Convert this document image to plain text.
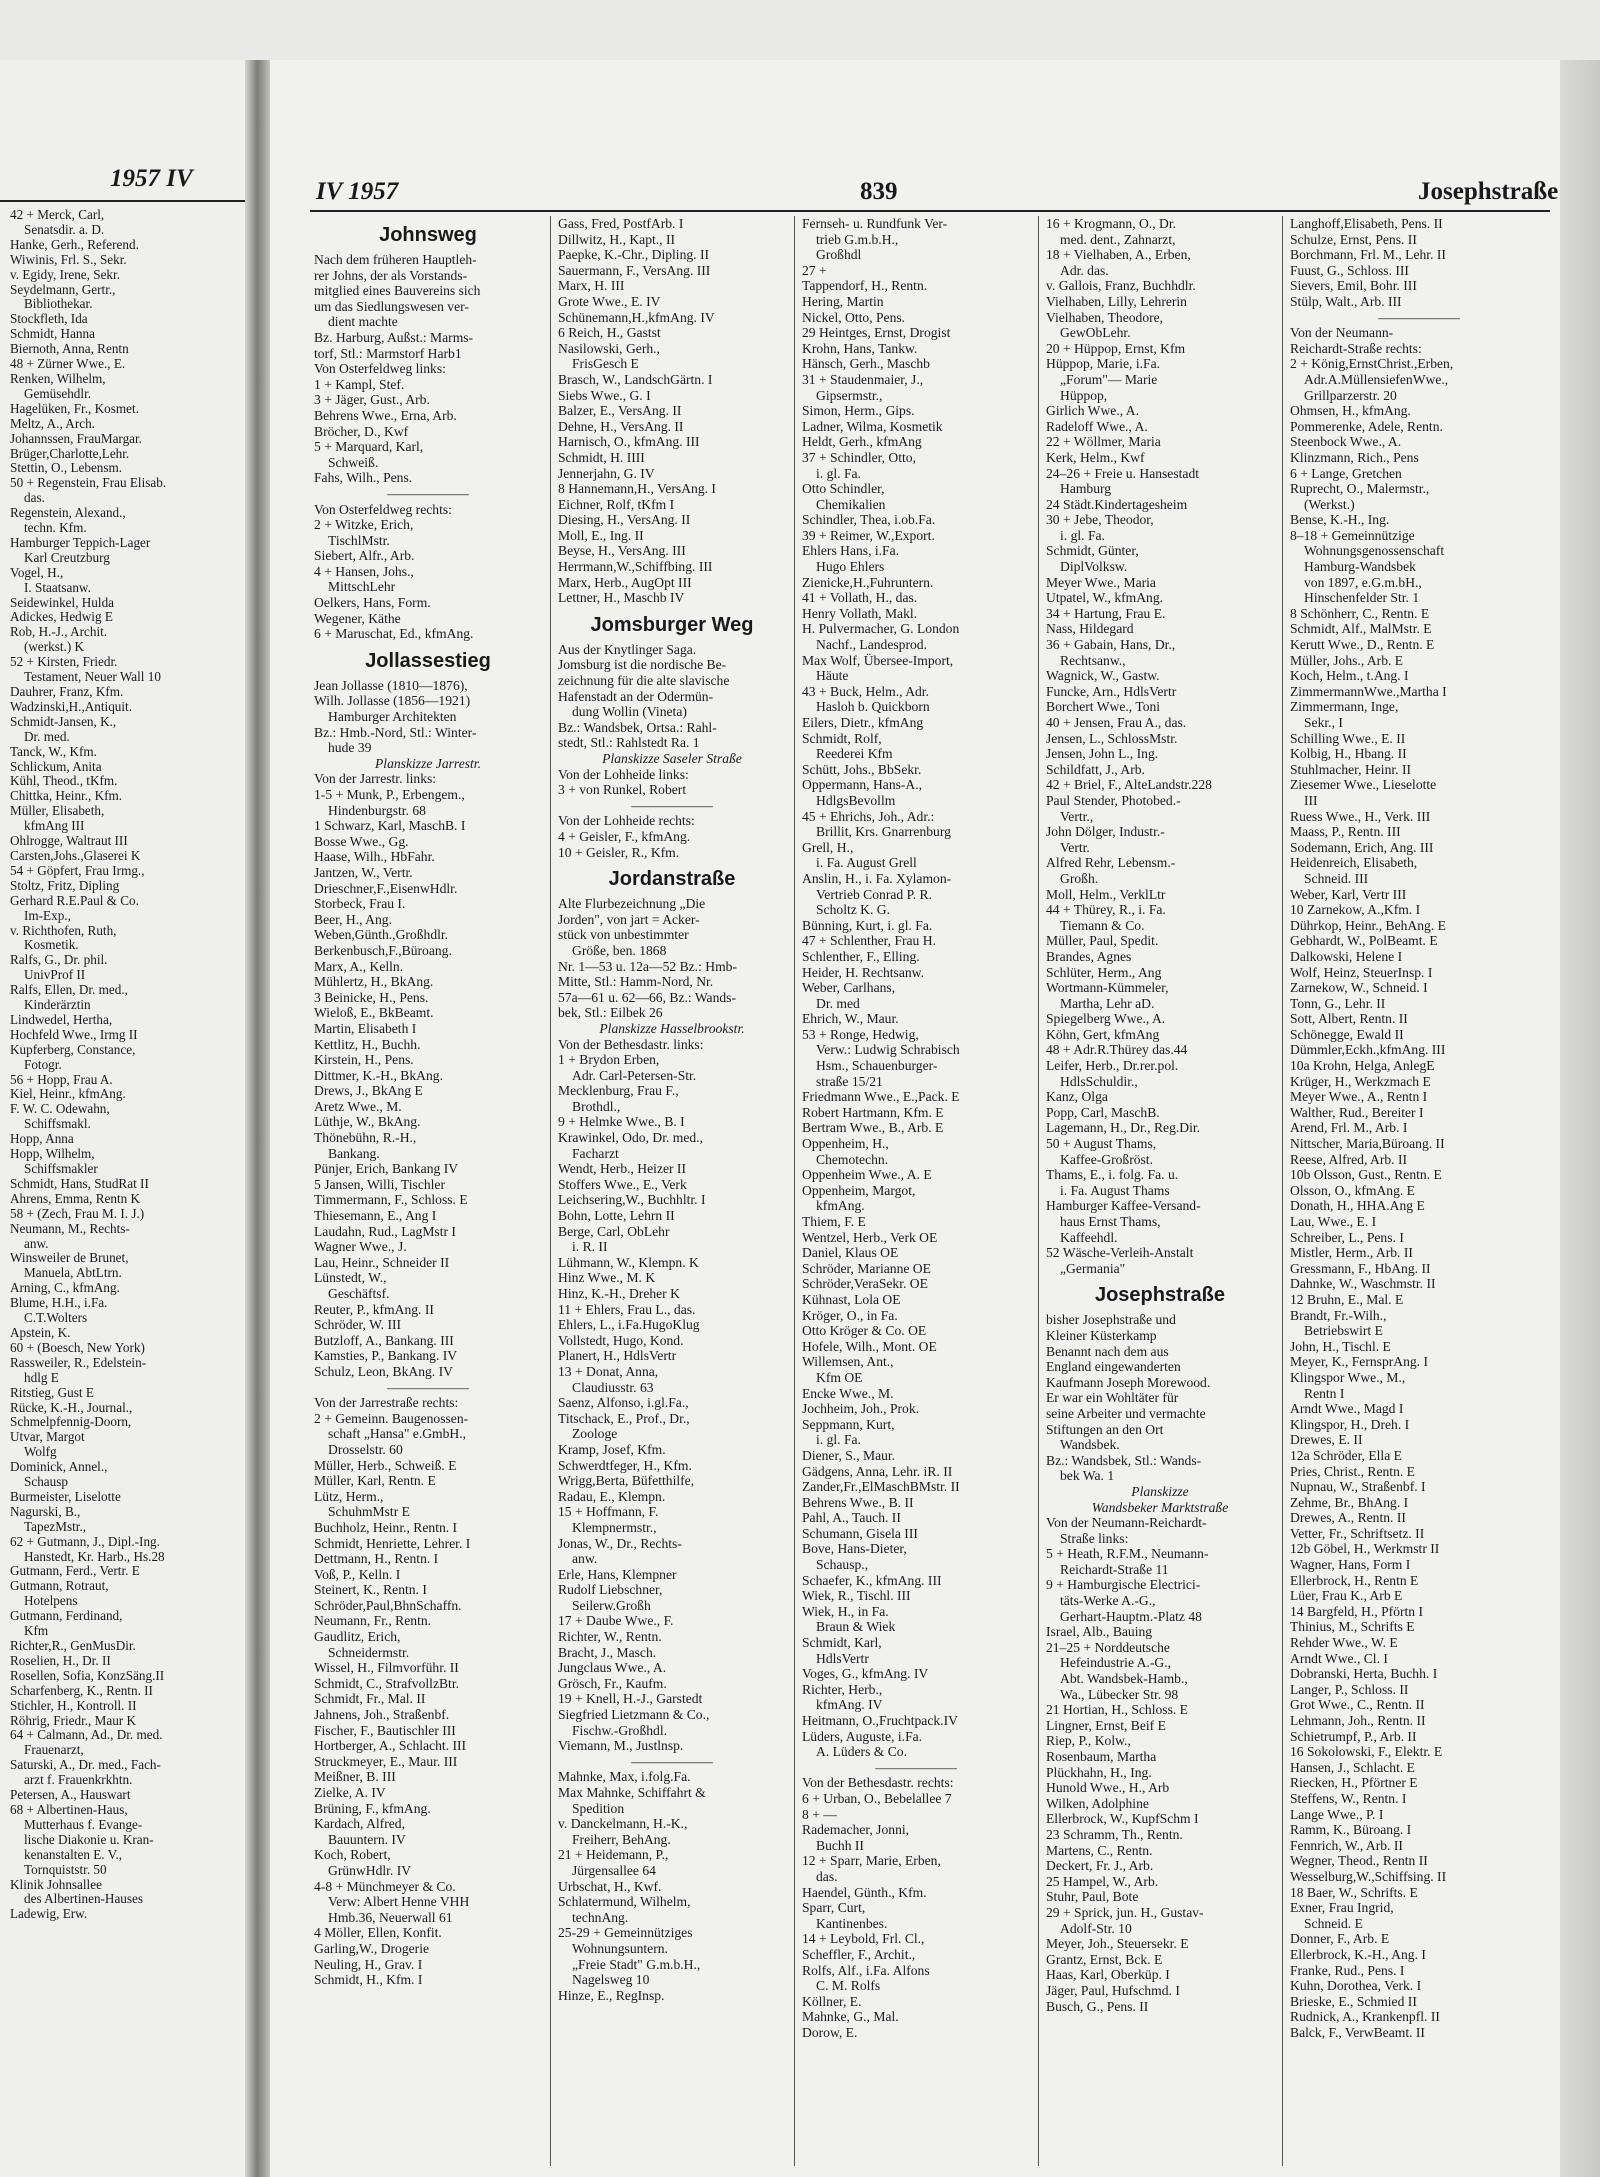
1957 IV
42 + Merck, Carl,
Senatsdir. a. D.
Hanke, Gerh., Referend.
Wiwinis, Frl. S., Sekr.
v. Egidy, Irene, Sekr.
Seydelmann, Gertr.,
Bibliothekar.
Stockfleth, Ida
Schmidt, Hanna
Biernoth, Anna, Rentn
48 + Zürner Wwe., E.
Renken, Wilhelm,
Gemüsehdlr.
Hagelüken, Fr., Kosmet.
Meltz, A., Arch.
Johannssen, FrauMargar.
Brüger,Charlotte,Lehr.
Stettin, O., Lebensm.
50 + Regenstein, Frau Elisab.
das.
Regenstein, Alexand.,
techn. Kfm.
Hamburger Teppich-Lager
Karl Creutzburg
Vogel, H.,
I. Staatsanw.
Seidewinkel, Hulda
Adickes, Hedwig E
Rob, H.-J., Archit.
(werkst.) K
52 + Kirsten, Friedr.
Testament, Neuer Wall 10
Dauhrer, Franz, Kfm.
Wadzinski,H.,Antiquit.
Schmidt-Jansen, K.,
Dr. med.
Tanck, W., Kfm.
Schlickum, Anita
Kühl, Theod., tKfm.
Chittka, Heinr., Kfm.
Müller, Elisabeth,
kfmAng III
Ohlrogge, Waltraut III
Carsten,Johs.,Glaserei K
54 + Göpfert, Frau Irmg.,
Stoltz, Fritz, Dipling
Gerhard R.E.Paul & Co.
Im-Exp.,
v. Richthofen, Ruth,
Kosmetik.
Ralfs, G., Dr. phil.
UnivProf II
Ralfs, Ellen, Dr. med.,
Kinderärztin
Lindwedel, Hertha,
Hochfeld Wwe., Irmg II
Kupferberg, Constance,
Fotogr.
56 + Hopp, Frau A.
Kiel, Heinr., kfmAng.
F. W. C. Odewahn,
Schiffsmakl.
Hopp, Anna
Hopp, Wilhelm,
Schiffsmakler
Schmidt, Hans, StudRat II
Ahrens, Emma, Rentn K
58 + (Zech, Frau M. I. J.)
Neumann, M., Rechts-
anw.
Winsweiler de Brunet,
Manuela, AbtLtrn.
Arning, C., kfmAng.
Blume, H.H., i.Fa.
C.T.Wolters
Apstein, K.
60 + (Boesch, New York)
Rassweiler, R., Edelstein-
hdlg E
Ritstieg, Gust E
Rücke, K.-H., Journal.,
Schmelpfennig-Doorn,
Utvar, Margot
Wolfg
Dominick, Annel.,
Schausp
Burmeister, Liselotte
Nagurski, B.,
TapezMstr.,
62 + Gutmann, J., Dipl.-Ing.
Hanstedt, Kr. Harb., Hs.28
Gutmann, Ferd., Vertr. E
Gutmann, Rotraut,
Hotelpens
Gutmann, Ferdinand,
Kfm
Richter,R., GenMusDir.
Roselien, H., Dr. II
Rosellen, Sofia, KonzSäng.II
Scharfenberg, K., Rentn. II
Stichler, H., Kontroll. II
Röhrig, Friedr., Maur K
64 + Calmann, Ad., Dr. med.
Frauenarzt,
Saturski, A., Dr. med., Fach-
arzt f. Frauenkrkhtn.
Petersen, A., Hauswart
68 + Albertinen-Haus,
Mutterhaus f. Evange-
lische Diakonie u. Kran-
kenanstalten E. V.,
Tornquiststr. 50
Klinik Johnsallee
des Albertinen-Hauses
Ladewig, Erw.
IV 1957	839	Josephstraße
Johnsweg
Nach dem früheren Hauptleh-
rer Johns, der als Vorstands-
mitglied eines Bauvereins sich
um das Siedlungswesen ver-
dient machte
Bz. Harburg, Außst.: Marms-
torf, Stl.: Marmstorf Harb1
Von Osterfeldweg links:
1 + Kampl, Stef.
3 + Jäger, Gust., Arb.
Behrens Wwe., Erna, Arb.
Bröcher, D., Kwf
5 + Marquard, Karl,
Schweiß.
Fahs, Wilh., Pens.
——————
Von Osterfeldweg rechts:
2 + Witzke, Erich,
TischlMstr.
Siebert, Alfr., Arb.
4 + Hansen, Johs.,
MittschLehr
Oelkers, Hans, Form.
Wegener, Käthe
6 + Maruschat, Ed., kfmAng.
Jollassestieg
Jean Jollasse (1810—1876),
Wilh. Jollasse (1856—1921)
Hamburger Architekten
Bz.: Hmb.-Nord, Stl.: Winter-
hude 39
Planskizze Jarrestr.
Von der Jarrestr. links:
1-5 + Munk, P., Erbengem.,
Hindenburgstr. 68
1 Schwarz, Karl, MaschB. I
Bosse Wwe., Gg.
Haase, Wilh., HbFahr.
Jantzen, W., Vertr.
Drieschner,F.,EisenwHdlr.
Storbeck, Frau I.
Beer, H., Ang.
Weben,Günth.,Großhdlr.
Berkenbusch,F.,Büroang.
Marx, A., Kelln.
Mühlertz, H., BkAng.
3 Beinicke, H., Pens.
Wieloß, E., BkBeamt.
Martin, Elisabeth I
Kettlitz, H., Buchh.
Kirstein, H., Pens.
Dittmer, K.-H., BkAng.
Drews, J., BkAng E
Aretz Wwe., M.
Lüthje, W., BkAng.
Thönebühn, R.-H.,
Bankang.
Pünjer, Erich, Bankang IV
5 Jansen, Willi, Tischler
Timmermann, F., Schloss. E
Thiesemann, E., Ang I
Laudahn, Rud., LagMstr I
Wagner Wwe., J.
Lau, Heinr., Schneider II
Lünstedt, W.,
Geschäftsf.
Reuter, P., kfmAng. II
Schröder, W. III
Butzloff, A., Bankang. III
Kamsties, P., Bankang. IV
Schulz, Leon, BkAng. IV
——————
Von der Jarrestraße rechts:
2 + Gemeinn. Baugenossen-
schaft „Hansa" e.GmbH.,
Drosselstr. 60
Müller, Herb., Schweiß. E
Müller, Karl, Rentn. E
Lütz, Herm.,
SchuhmMstr E
Buchholz, Heinr., Rentn. I
Schmidt, Henriette, Lehrer. I
Dettmann, H., Rentn. I
Voß, P., Kelln. I
Steinert, K., Rentn. I
Schröder,Paul,BhnSchaffn.
Neumann, Fr., Rentn.
Gaudlitz, Erich,
Schneidermstr.
Wissel, H., Filmvorführ. II
Schmidt, C., StrafvollzBtr.
Schmidt, Fr., Mal. II
Jahnens, Joh., Straßenbf.
Fischer, F., Bautischler III
Hortberger, A., Schlacht. III
Struckmeyer, E., Maur. III
Meißner, B. III
Zielke, A. IV
Brüning, F., kfmAng.
Kardach, Alfred,
Bauuntern. IV
Koch, Robert,
GrünwHdlr. IV
4-8 + Münchmeyer & Co.
Verw: Albert Henne VHH
Hmb.36, Neuerwall 61
4 Möller, Ellen, Konfit.
Garling,W., Drogerie
Neuling, H., Grav. I
Schmidt, H., Kfm. I
Gass, Fred, PostfArb. I
Dillwitz, H., Kapt., II
Paepke, K.-Chr., Dipling. II
Sauermann, F., VersAng. III
Marx, H. III
Grote Wwe., E. IV
Schünemann,H.,kfmAng. IV
6 Reich, H., Gastst
Nasilowski, Gerh.,
FrisGesch E
Brasch, W., LandschGärtn. I
Siebs Wwe., G. I
Balzer, E., VersAng. II
Dehne, H., VersAng. II
Harnisch, O., kfmAng. III
Schmidt, H. IIII
Jennerjahn, G. IV
8 Hannemann,H., VersAng. I
Eichner, Rolf, tKfm I
Diesing, H., VersAng. II
Moll, E., Ing. II
Beyse, H., VersAng. III
Herrmann,W.,Schiffbing. III
Marx, Herb., AugOpt III
Lettner, H., Maschb IV
Jomsburger Weg
Aus der Knytlinger Saga.
Jomsburg ist die nordische Be-
zeichnung für die alte slavische
Hafenstadt an der Odermün-
dung Wollin (Vineta)
Bz.: Wandsbek, Ortsa.: Rahl-
stedt, Stl.: Rahlstedt Ra. 1
Planskizze Saseler Straße
Von der Lohheide links:
3 + von Runkel, Robert
——————
Von der Lohheide rechts:
4 + Geisler, F., kfmAng.
10 + Geisler, R., Kfm.
Jordanstraße
Alte Flurbezeichnung „Die
Jorden", von jart = Acker-
stück von unbestimmter
Größe, ben. 1868
Nr. 1—53 u. 12a—52 Bz.: Hmb-
Mitte, Stl.: Hamm-Nord, Nr.
57a—61 u. 62—66, Bz.: Wands-
bek, Stl.: Eilbek 26
Planskizze Hasselbrookstr.
Von der Bethesdastr. links:
1 + Brydon Erben,
Adr. Carl-Petersen-Str.
Mecklenburg, Frau F.,
Brothdl.,
9 + Helmke Wwe., B. I
Krawinkel, Odo, Dr. med.,
Facharzt
Wendt, Herb., Heizer II
Stoffers Wwe., E., Verk
Leichsering,W., Buchhltr. I
Bohn, Lotte, Lehrn II
Berge, Carl, ObLehr
i. R. II
Lühmann, W., Klempn. K
Hinz Wwe., M. K
Hinz, K.-H., Dreher K
11 + Ehlers, Frau L., das.
Ehlers, L., i.Fa.HugoKlug
Vollstedt, Hugo, Kond.
Planert, H., HdlsVertr
13 + Donat, Anna,
Claudiusstr. 63
Saenz, Alfonso, i.gl.Fa.,
Titschack, E., Prof., Dr.,
Zoologe
Kramp, Josef, Kfm.
Schwerdtfeger, H., Kfm.
Wrigg,Berta, Büfetthilfe,
Radau, E., Klempn.
15 + Hoffmann, F.
Klempnermstr.,
Jonas, W., Dr., Rechts-
anw.
Erle, Hans, Klempner
Rudolf Liebschner,
Seilerw.Großh
17 + Daube Wwe., F.
Richter, W., Rentn.
Bracht, J., Masch.
Jungclaus Wwe., A.
Grösch, Fr., Kaufm.
19 + Knell, H.-J., Garstedt
Siegfried Lietzmann & Co.,
Fischw.-Großhdl.
Viemann, M., Justlnsp.
——————
Mahnke, Max, i.folg.Fa.
Max Mahnke, Schiffahrt &
Spedition
v. Danckelmann, H.-K.,
Freiherr, BehAng.
21 + Heidemann, P.,
Jürgensallee 64
Urbschat, H., Kwf.
Schlatermund, Wilhelm,
technAng.
25-29 + Gemeinnütziges
Wohnungsuntern.
„Freie Stadt" G.m.b.H.,
Nagelsweg 10
Hinze, E., RegInsp.
Fernseh- u. Rundfunk Ver-
trieb G.m.b.H.,
Großhdl
27 +
Tappendorf, H., Rentn.
Hering, Martin
Nickel, Otto, Pens.
29 Heintges, Ernst, Drogist
Krohn, Hans, Tankw.
Hänsch, Gerh., Maschb
31 + Staudenmaier, J.,
Gipsermstr.,
Simon, Herm., Gips.
Ladner, Wilma, Kosmetik
Heldt, Gerh., kfmAng
37 + Schindler, Otto,
i. gl. Fa.
Otto Schindler,
Chemikalien
Schindler, Thea, i.ob.Fa.
39 + Reimer, W.,Export.
Ehlers Hans, i.Fa.
Hugo Ehlers
Zienicke,H.,Fuhruntern.
41 + Vollath, H., das.
Henry Vollath, Makl.
H. Pulvermacher, G. London
Nachf., Landesprod.
Max Wolf, Übersee-Import,
Häute
43 + Buck, Helm., Adr.
Hasloh b. Quickborn
Eilers, Dietr., kfmAng
Schmidt, Rolf,
Reederei Kfm
Schütt, Johs., BbSekr.
Oppermann, Hans-A.,
HdlgsBevollm
45 + Ehrichs, Joh., Adr.:
Brillit, Krs. Gnarrenburg
Grell, H.,
i. Fa. August Grell
Anslin, H., i. Fa. Xylamon-
Vertrieb Conrad P. R.
Scholtz K. G.
Bünning, Kurt, i. gl. Fa.
47 + Schlenther, Frau H.
Schlenther, F., Elling.
Heider, H. Rechtsanw.
Weber, Carlhans,
Dr. med
Ehrich, W., Maur.
53 + Ronge, Hedwig,
Verw.: Ludwig Schrabisch
Hsm., Schauenburger-
straße 15/21
Friedmann Wwe., E.,Pack. E
Robert Hartmann, Kfm. E
Bertram Wwe., B., Arb. E
Oppenheim, H.,
Chemotechn.
Oppenheim Wwe., A. E
Oppenheim, Margot,
kfmAng.
Thiem, F. E
Wentzel, Herb., Verk OE
Daniel, Klaus OE
Schröder, Marianne OE
Schröder,VeraSekr. OE
Kühnast, Lola OE
Kröger, O., in Fa.
Otto Kröger & Co. OE
Hofele, Wilh., Mont. OE
Willemsen, Ant.,
Kfm OE
Encke Wwe., M.
Jochheim, Joh., Prok.
Seppmann, Kurt,
i. gl. Fa.
Diener, S., Maur.
Gädgens, Anna, Lehr. iR. II
Zander,Fr.,ElMaschBMstr. II
Behrens Wwe., B. II
Pahl, A., Tauch. II
Schumann, Gisela III
Bove, Hans-Dieter,
Schausp.,
Schaefer, K., kfmAng. III
Wiek, R., Tischl. III
Wiek, H., in Fa.
Braun & Wiek
Schmidt, Karl,
HdlsVertr
Voges, G., kfmAng. IV
Richter, Herb.,
kfmAng. IV
Heitmann, O.,Fruchtpack.IV
Lüders, Auguste, i.Fa.
A. Lüders & Co.
——————
Von der Bethesdastr. rechts:
6 + Urban, O., Bebelallee 7
8 + —
Rademacher, Jonni,
Buchh II
12 + Sparr, Marie, Erben,
das.
Haendel, Günth., Kfm.
Sparr, Curt,
Kantinenbes.
14 + Leybold, Frl. Cl.,
Scheffler, F., Archit.,
Rolfs, Alf., i.Fa. Alfons
C. M. Rolfs
Köllner, E.
Mahnke, G., Mal.
Dorow, E.
16 + Krogmann, O., Dr.
med. dent., Zahnarzt,
18 + Vielhaben, A., Erben,
Adr. das.
v. Gallois, Franz, Buchhdlr.
Vielhaben, Lilly, Lehrerin
Vielhaben, Theodore,
GewObLehr.
20 + Hüppop, Ernst, Kfm
Hüppop, Marie, i.Fa.
„Forum"— Marie
Hüppop,
Girlich Wwe., A.
Radeloff Wwe., A.
22 + Wöllmer, Maria
Kerk, Helm., Kwf
24–26 + Freie u. Hansestadt
Hamburg
24 Städt.Kindertagesheim
30 + Jebe, Theodor,
i. gl. Fa.
Schmidt, Günter,
DiplVolksw.
Meyer Wwe., Maria
Utpatel, W., kfmAng.
34 + Hartung, Frau E.
Nass, Hildegard
36 + Gabain, Hans, Dr.,
Rechtsanw.,
Wagnick, W., Gastw.
Funcke, Arn., HdlsVertr
Borchert Wwe., Toni
40 + Jensen, Frau A., das.
Jensen, L., SchlossMstr.
Jensen, John L., Ing.
Schildfatt, J., Arb.
42 + Briel, F., AlteLandstr.228
Paul Stender, Photobed.-
Vertr.,
John Dölger, Industr.-
Vertr.
Alfred Rehr, Lebensm.-
Großh.
Moll, Helm., VerklLtr
44 + Thürey, R., i. Fa.
Tiemann & Co.
Müller, Paul, Spedit.
Brandes, Agnes
Schlüter, Herm., Ang
Wortmann-Kümmeler,
Martha, Lehr aD.
Spiegelberg Wwe., A.
Köhn, Gert, kfmAng
48 + Adr.R.Thürey das.44
Leifer, Herb., Dr.rer.pol.
HdlsSchuldir.,
Kanz, Olga
Popp, Carl, MaschB.
Lagemann, H., Dr., Reg.Dir.
50 + August Thams,
Kaffee-Großröst.
Thams, E., i. folg. Fa. u.
i. Fa. August Thams
Hamburger Kaffee-Versand-
haus Ernst Thams,
Kaffeehdl.
52 Wäsche-Verleih-Anstalt
„Germania"
Josephstraße
bisher Josephstraße und
Kleiner Küsterkamp
Benannt nach dem aus
England eingewanderten
Kaufmann Joseph Morewood.
Er war ein Wohltäter für
seine Arbeiter und vermachte
Stiftungen an den Ort
Wandsbek.
Bz.: Wandsbek, Stl.: Wands-
bek Wa. 1
Planskizze
Wandsbeker Marktstraße
Von der Neumann-Reichardt-
Straße links:
5 + Heath, R.F.M., Neumann-
Reichardt-Straße 11
9 + Hamburgische Electrici-
täts-Werke A.-G.,
Gerhart-Hauptm.-Platz 48
Israel, Alb., Bauing
21–25 + Norddeutsche
Hefeindustrie A.-G.,
Abt. Wandsbek-Hamb.,
Wa., Lübecker Str. 98
21 Hortian, H., Schloss. E
Lingner, Ernst, Beif E
Riep, P., Kolw.,
Rosenbaum, Martha
Plückhahn, H., Ing.
Hunold Wwe., H., Arb
Wilken, Adolphine
Ellerbrock, W., KupfSchm I
23 Schramm, Th., Rentn.
Martens, C., Rentn.
Deckert, Fr. J., Arb.
25 Hampel, W., Arb.
Stuhr, Paul, Bote
29 + Sprick, jun. H., Gustav-
Adolf-Str. 10
Meyer, Joh., Steuersekr. E
Grantz, Ernst, Bck. E
Haas, Karl, Oberküp. I
Jäger, Paul, Hufschmd. I
Busch, G., Pens. II
Langhoff,Elisabeth, Pens. II
Schulze, Ernst, Pens. II
Borchmann, Frl. M., Lehr. II
Fuust, G., Schloss. III
Sievers, Emil, Bohr. III
Stülp, Walt., Arb. III
——————
Von der Neumann-
Reichardt-Straße rechts:
2 + König,ErnstChrist.,Erben,
Adr.A.MüllensiefenWwe.,
Grillparzerstr. 20
Ohmsen, H., kfmAng.
Pommerenke, Adele, Rentn.
Steenbock Wwe., A.
Klinzmann, Rich., Pens
6 + Lange, Gretchen
Ruprecht, O., Malermstr.,
(Werkst.)
Bense, K.-H., Ing.
8–18 + Gemeinnützige
Wohnungsgenossenschaft
Hamburg-Wandsbek
von 1897, e.G.m.bH.,
Hinschenfelder Str. 1
8 Schönherr, C., Rentn. E
Schmidt, Alf., MalMstr. E
Kerutt Wwe., D., Rentn. E
Müller, Johs., Arb. E
Koch, Helm., t.Ang. I
ZimmermannWwe.,Martha I
Zimmermann, Inge,
Sekr., I
Schilling Wwe., E. II
Kolbig, H., Hbang. II
Stuhlmacher, Heinr. II
Ziesemer Wwe., Lieselotte
III
Ruess Wwe., H., Verk. III
Maass, P., Rentn. III
Sodemann, Erich, Ang. III
Heidenreich, Elisabeth,
Schneid. III
Weber, Karl, Vertr III
10 Zarnekow, A.,Kfm. I
Dührkop, Heinr., BehAng. E
Gebhardt, W., PolBeamt. E
Dalkowski, Helene I
Wolf, Heinz, SteuerInsp. I
Zarnekow, W., Schneid. I
Tonn, G., Lehr. II
Sott, Albert, Rentn. II
Schönegge, Ewald II
Dümmler,Eckh.,kfmAng. III
10a Krohn, Helga, AnlegE
Krüger, H., Werkzmach E
Meyer Wwe., A., Rentn I
Walther, Rud., Bereiter I
Arend, Frl. M., Arb. I
Nittscher, Maria,Büroang. II
Reese, Alfred, Arb. II
10b Olsson, Gust., Rentn. E
Olsson, O., kfmAng. E
Donath, H., HHA.Ang E
Lau, Wwe., E. I
Schreiber, L., Pens. I
Mistler, Herm., Arb. II
Gressmann, F., HbAng. II
Dahnke, W., Waschmstr. II
12 Bruhn, E., Mal. E
Brandt, Fr.-Wilh.,
Betriebswirt E
John, H., Tischl. E
Meyer, K., FernsprAng. I
Klingspor Wwe., M.,
Rentn I
Arndt Wwe., Magd I
Klingspor, H., Dreh. I
Drewes, E. II
12a Schröder, Ella E
Pries, Christ., Rentn. E
Nupnau, W., Straßenbf. I
Zehme, Br., BhAng. I
Drewes, A., Rentn. II
Vetter, Fr., Schriftsetz. II
12b Göbel, H., Werkmstr II
Wagner, Hans, Form I
Ellerbrock, H., Rentn E
Lüer, Frau K., Arb E
14 Bargfeld, H., Pförtn I
Thinius, M., Schrifts E
Rehder Wwe., W. E
Arndt Wwe., Cl. I
Dobranski, Herta, Buchh. I
Langer, P., Schloss. II
Grot Wwe., C., Rentn. II
Lehmann, Joh., Rentn. II
Schietrumpf, P., Arb. II
16 Sokolowski, F., Elektr. E
Hansen, J., Schlacht. E
Riecken, H., Pförtner E
Steffens, W., Rentn. I
Lange Wwe., P. I
Ramm, K., Büroang. I
Fennrich, W., Arb. II
Wegner, Theod., Rentn II
Wesselburg,W.,Schiffsing. II
18 Baer, W., Schrifts. E
Exner, Frau Ingrid,
Schneid. E
Donner, F., Arb. E
Ellerbrock, K.-H., Ang. I
Franke, Rud., Pens. I
Kuhn, Dorothea, Verk. I
Brieske, E., Schmied II
Rudnick, A., Krankenpfl. II
Balck, F., VerwBeamt. II
